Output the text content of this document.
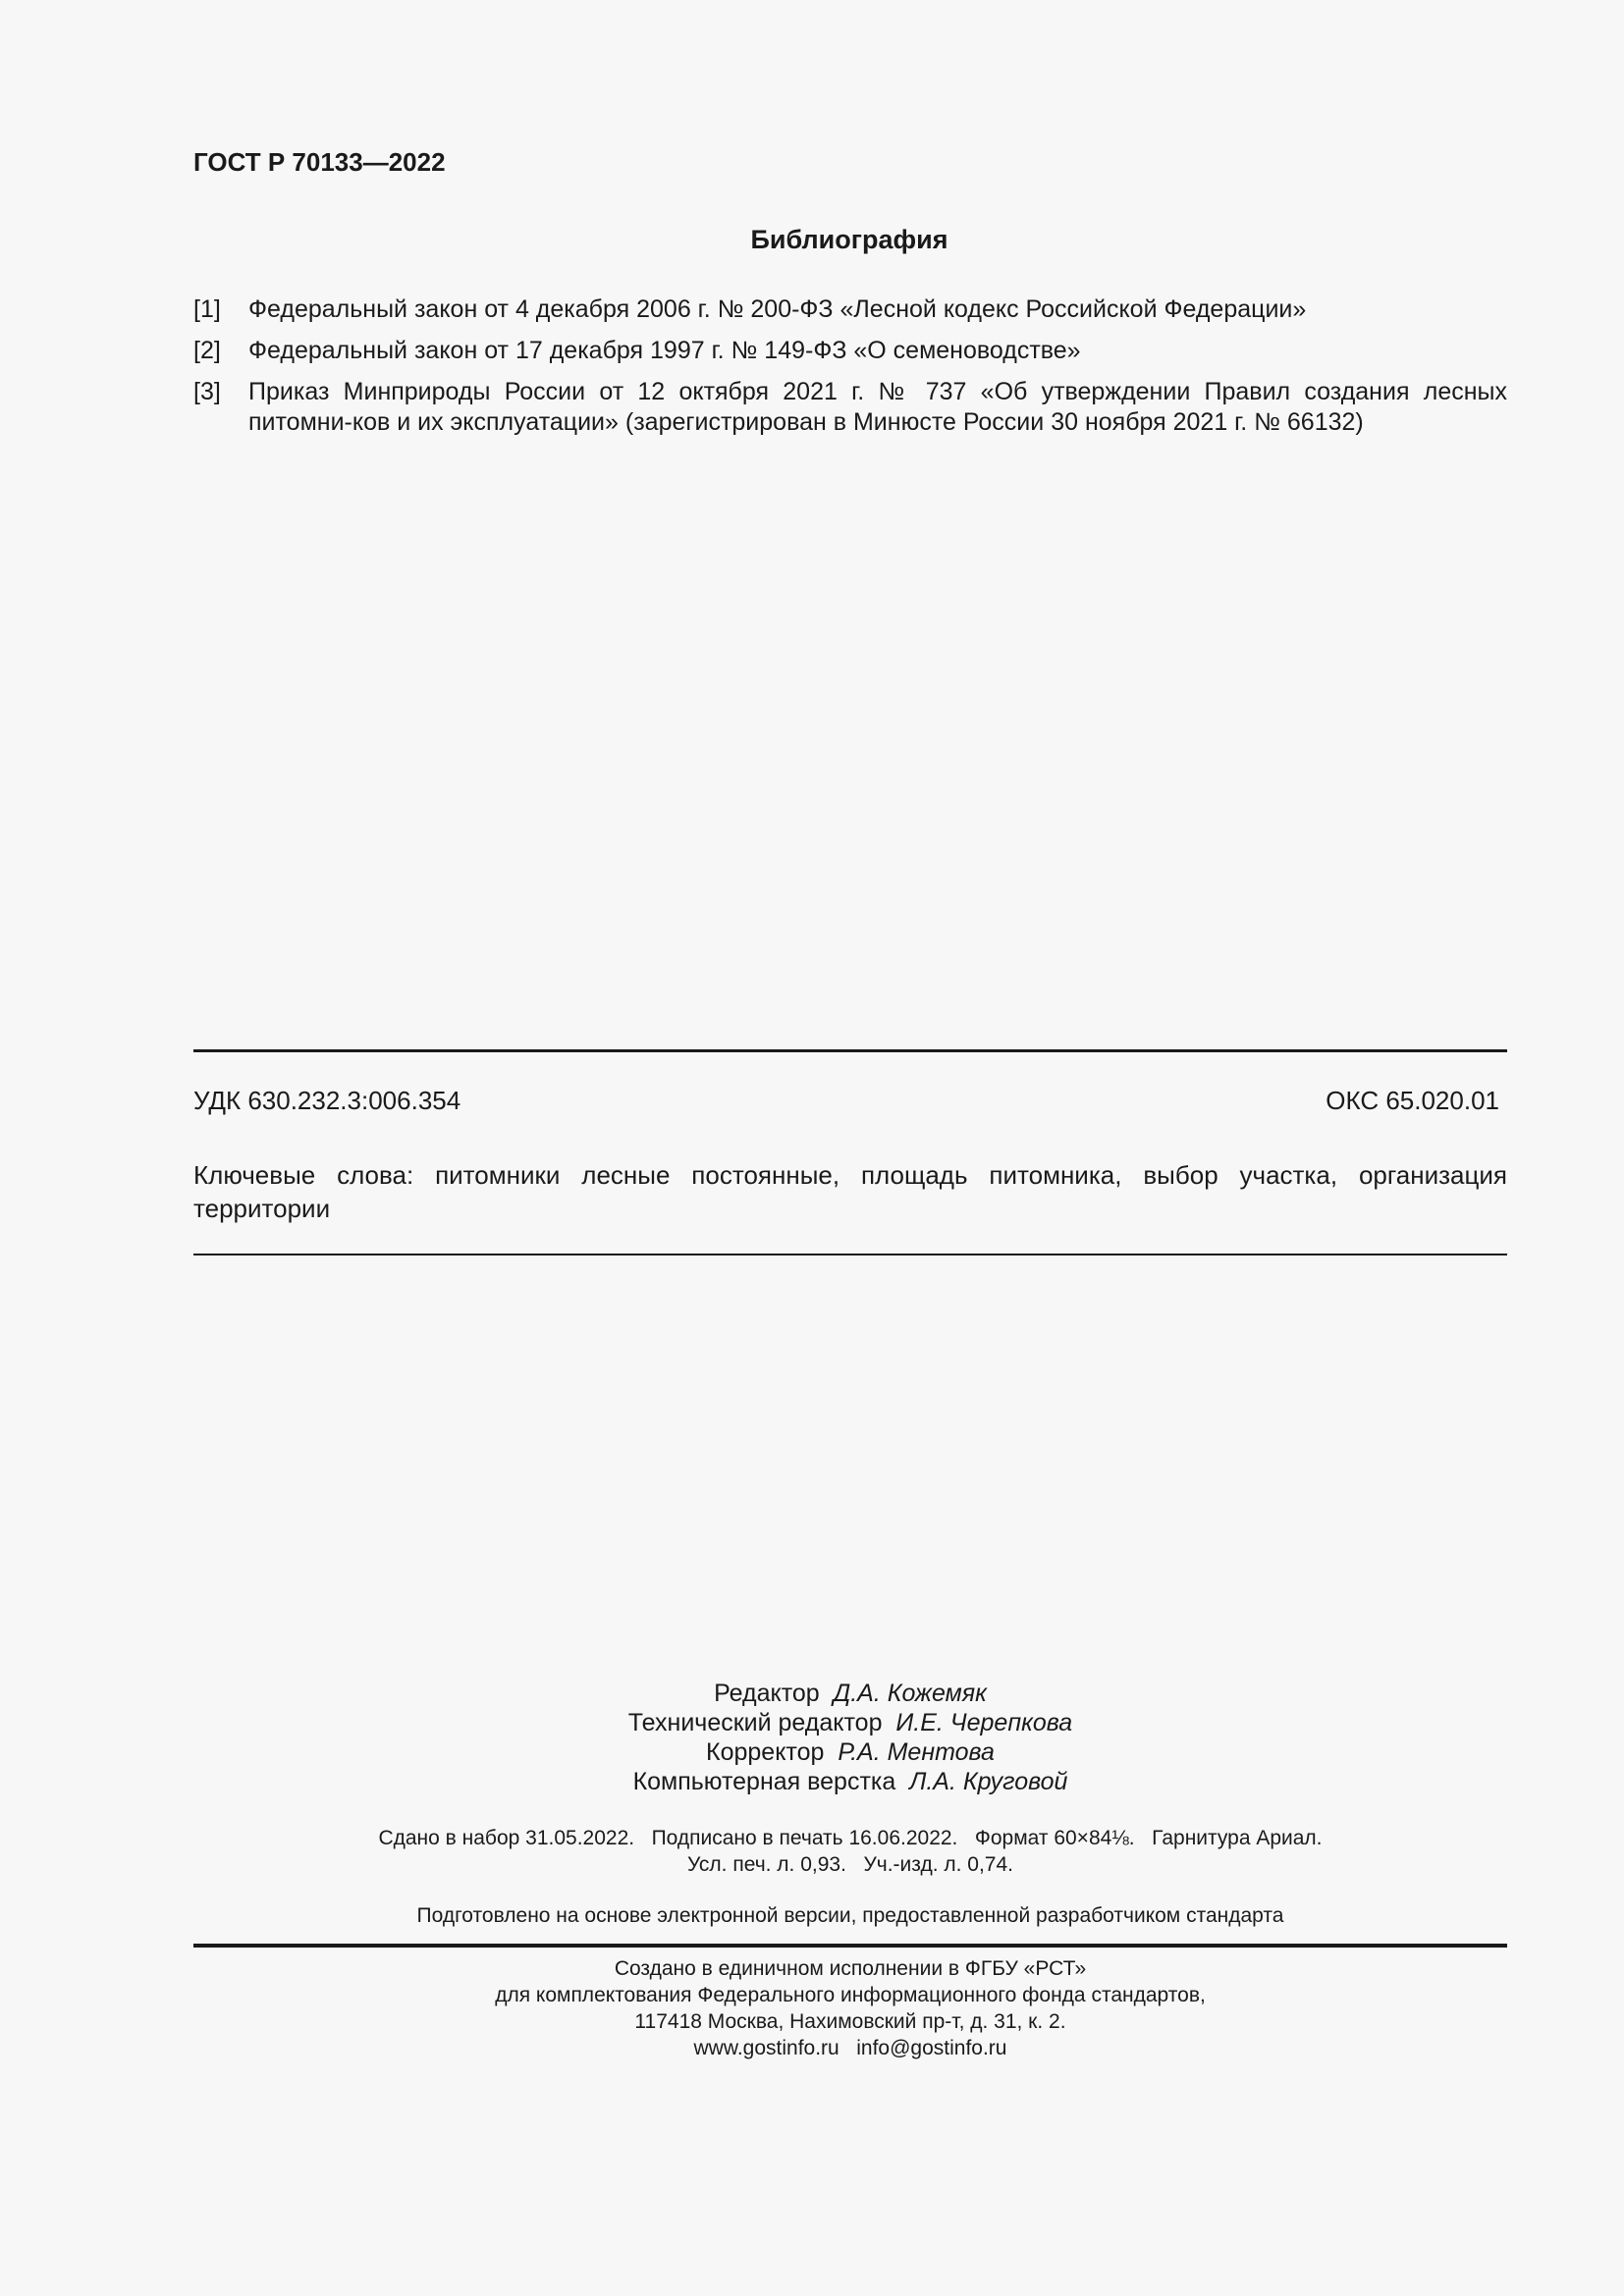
ГОСТ Р 70133—2022
Библиография
[1]	Федеральный закон от 4 декабря 2006 г. № 200-ФЗ «Лесной кодекс Российской Федерации»
[2]	Федеральный закон от 17 декабря 1997 г. № 149-ФЗ «О семеноводстве»
[3]	Приказ Минприроды России от 12 октября 2021 г. № 737 «Об утверждении Правил создания лесных питомни-ков и их эксплуатации» (зарегистрирован в Минюсте России 30 ноября 2021 г. № 66132)
УДК 630.232.3:006.354	ОКС 65.020.01
Ключевые слова: питомники лесные постоянные, площадь питомника, выбор участка, организация территории
Редактор Д.А. Кожемяк
Технический редактор И.Е. Черепкова
Корректор Р.А. Ментова
Компьютерная верстка Л.А. Круговой
Сдано в набор 31.05.2022.   Подписано в печать 16.06.2022.   Формат 60×84⅛.   Гарнитура Ариал.
Усл. печ. л. 0,93.   Уч.-изд. л. 0,74.
Подготовлено на основе электронной версии, предоставленной разработчиком стандарта
Создано в единичном исполнении в ФГБУ «РСТ»
для комплектования Федерального информационного фонда стандартов,
117418 Москва, Нахимовский пр-т, д. 31, к. 2.
www.gostinfo.ru info@gostinfo.ru
